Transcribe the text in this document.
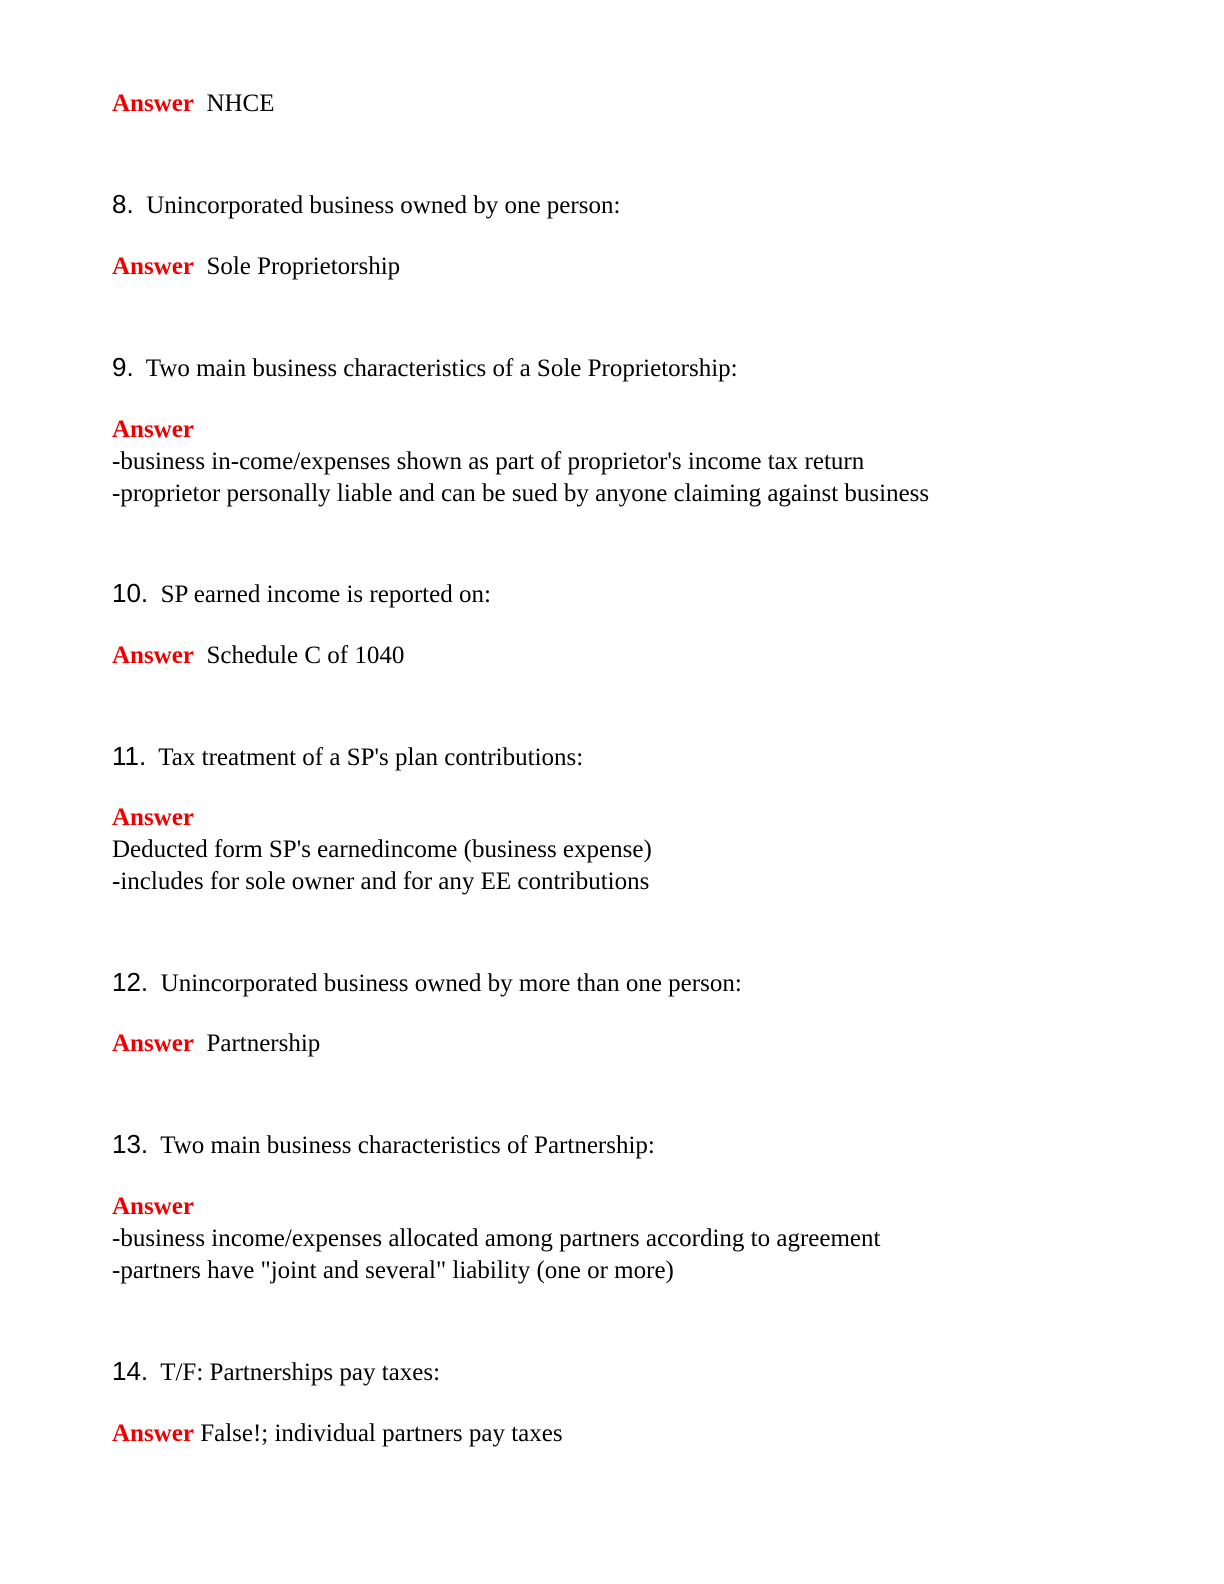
Answer NHCE
8. Unincorporated business owned by one person:
Answer Sole Proprietorship
9. Two main business characteristics of a Sole Proprietorship:
Answer
-business in-come/expenses shown as part of proprietor's income tax return
-proprietor personally liable and can be sued by anyone claiming against business
10. SP earned income is reported on:
Answer Schedule C of 1040
11. Tax treatment of a SP's plan contributions:
Answer
Deducted form SP's earnedincome (business expense)
-includes for sole owner and for any EE contributions
12. Unincorporated business owned by more than one person:
Answer Partnership
13. Two main business characteristics of Partnership:
Answer
-business income/expenses allocated among partners according to agreement
-partners have "joint and several" liability (one or more)
14. T/F: Partnerships pay taxes:
Answer False!; individual partners pay taxes
